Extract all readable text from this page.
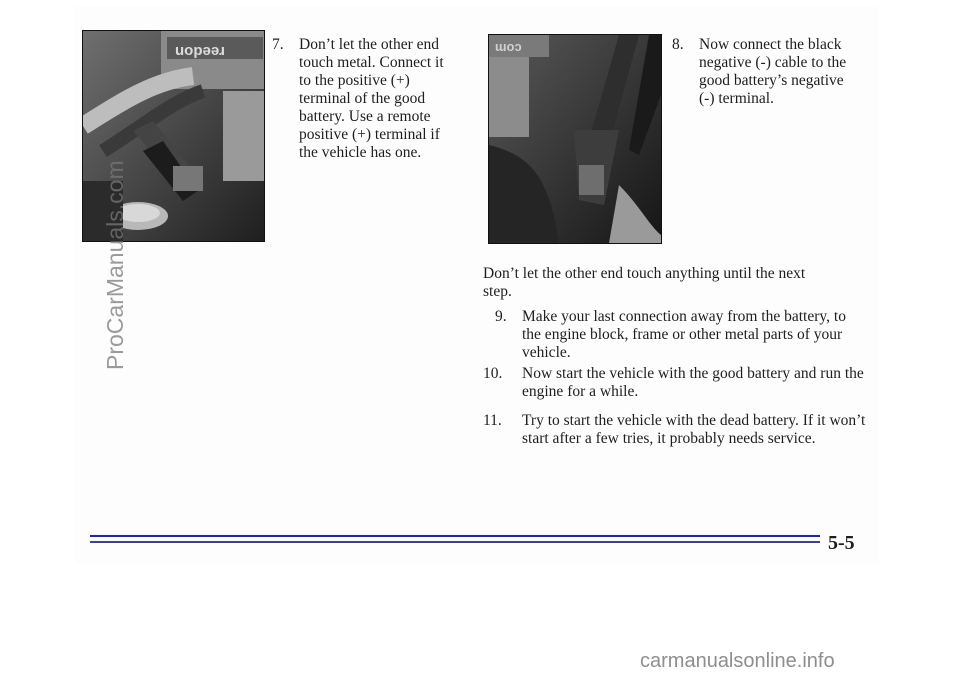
uopəǝɹ	7. Don’t let the other end touch metal. Connect it to the positive (+) terminal of the good battery. Use a remote positive (+) terminal if the vehicle has one.
ɯoɔ	8. Now connect the black negative (-) cable to the good battery’s negative (-) terminal.
Don’t let the other end touch anything until the next step.
9. Make your last connection away from the battery, to the engine block, frame or other metal parts of your vehicle.
10. Now start the vehicle with the good battery and run the engine for a while.
11. Try to start the vehicle with the dead battery. If it won’t start after a few tries, it probably needs service.
5-5
ProCarManuals.com
carmanualsonline.info
